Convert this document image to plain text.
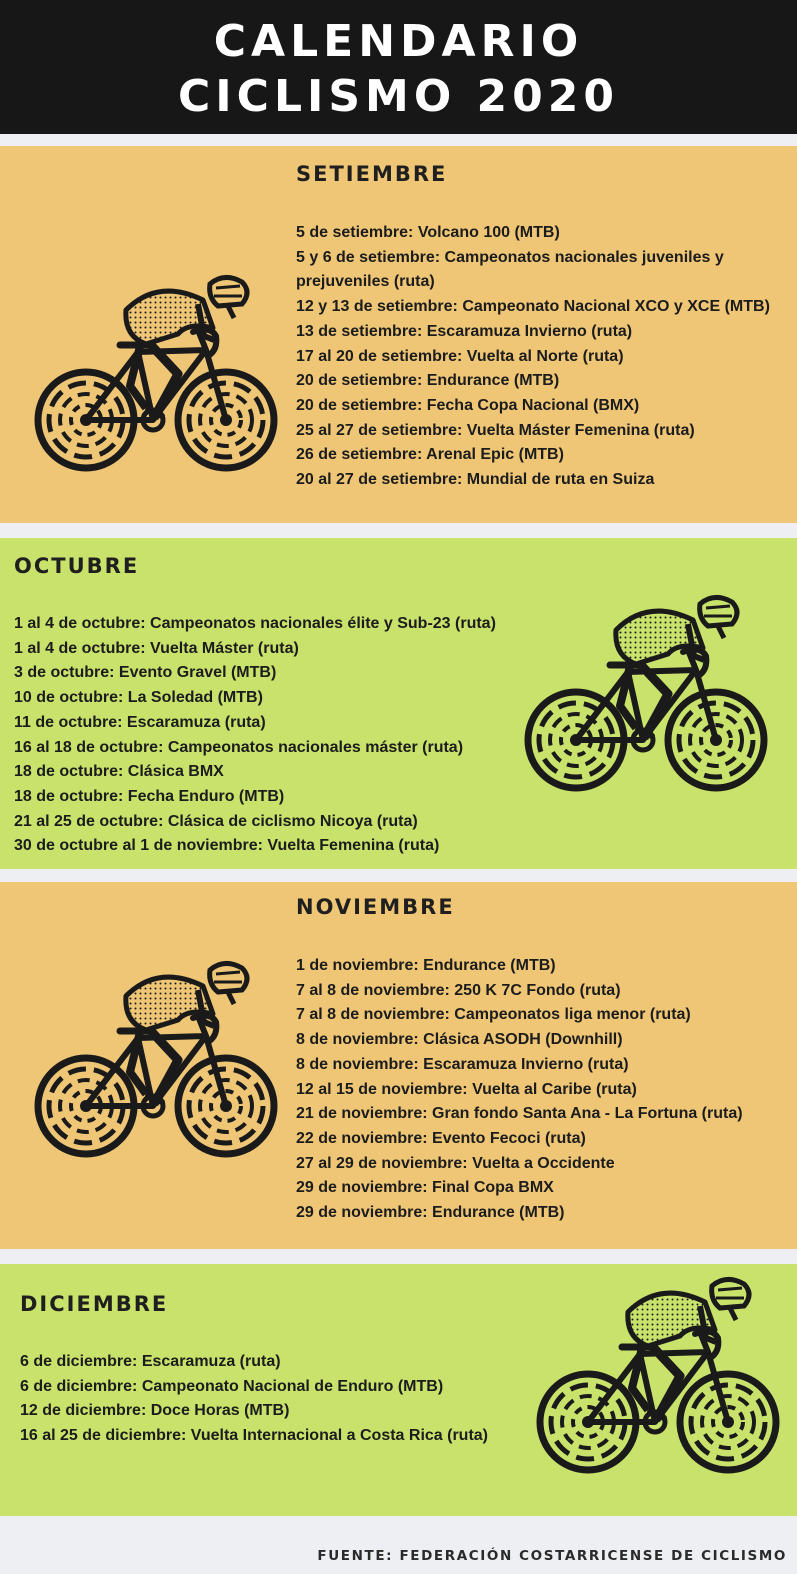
CALENDARIO
CICLISMO 2020
SETIEMBRE
5 de setiembre: Volcano 100 (MTB)
5 y 6 de setiembre: Campeonatos nacionales juveniles y prejuveniles (ruta)
12 y 13 de setiembre: Campeonato Nacional XCO y XCE (MTB)
13 de setiembre: Escaramuza Invierno (ruta)
17 al 20 de setiembre: Vuelta al Norte (ruta)
20 de setiembre: Endurance (MTB)
20 de setiembre: Fecha Copa Nacional (BMX)
25 al 27 de setiembre: Vuelta Máster Femenina (ruta)
26 de setiembre: Arenal Epic (MTB)
20 al 27 de setiembre: Mundial de ruta en Suiza
OCTUBRE
1 al 4 de octubre: Campeonatos nacionales élite y Sub-23 (ruta)
1 al 4 de octubre: Vuelta Máster (ruta)
3 de octubre: Evento Gravel (MTB)
10 de octubre: La Soledad (MTB)
11 de octubre: Escaramuza (ruta)
16 al 18 de octubre: Campeonatos nacionales máster (ruta)
18 de octubre: Clásica BMX
18 de octubre: Fecha Enduro (MTB)
21 al 25 de octubre: Clásica de ciclismo Nicoya (ruta)
30 de octubre al 1 de noviembre: Vuelta Femenina (ruta)
NOVIEMBRE
1 de noviembre: Endurance (MTB)
7 al 8 de noviembre: 250 K 7C Fondo (ruta)
7 al 8 de noviembre: Campeonatos liga menor (ruta)
8 de noviembre: Clásica ASODH (Downhill)
8 de noviembre: Escaramuza Invierno (ruta)
12 al 15 de noviembre: Vuelta al Caribe (ruta)
21 de noviembre: Gran fondo Santa Ana - La Fortuna (ruta)
22 de noviembre: Evento Fecoci (ruta)
27 al 29 de noviembre: Vuelta a Occidente
29 de noviembre: Final Copa BMX
29 de noviembre: Endurance (MTB)
DICIEMBRE
6 de diciembre: Escaramuza (ruta)
6 de diciembre: Campeonato Nacional de Enduro (MTB)
12 de diciembre: Doce Horas (MTB)
16 al 25 de diciembre: Vuelta Internacional a Costa Rica (ruta)
FUENTE: FEDERACIÓN COSTARRICENSE DE CICLISMO
